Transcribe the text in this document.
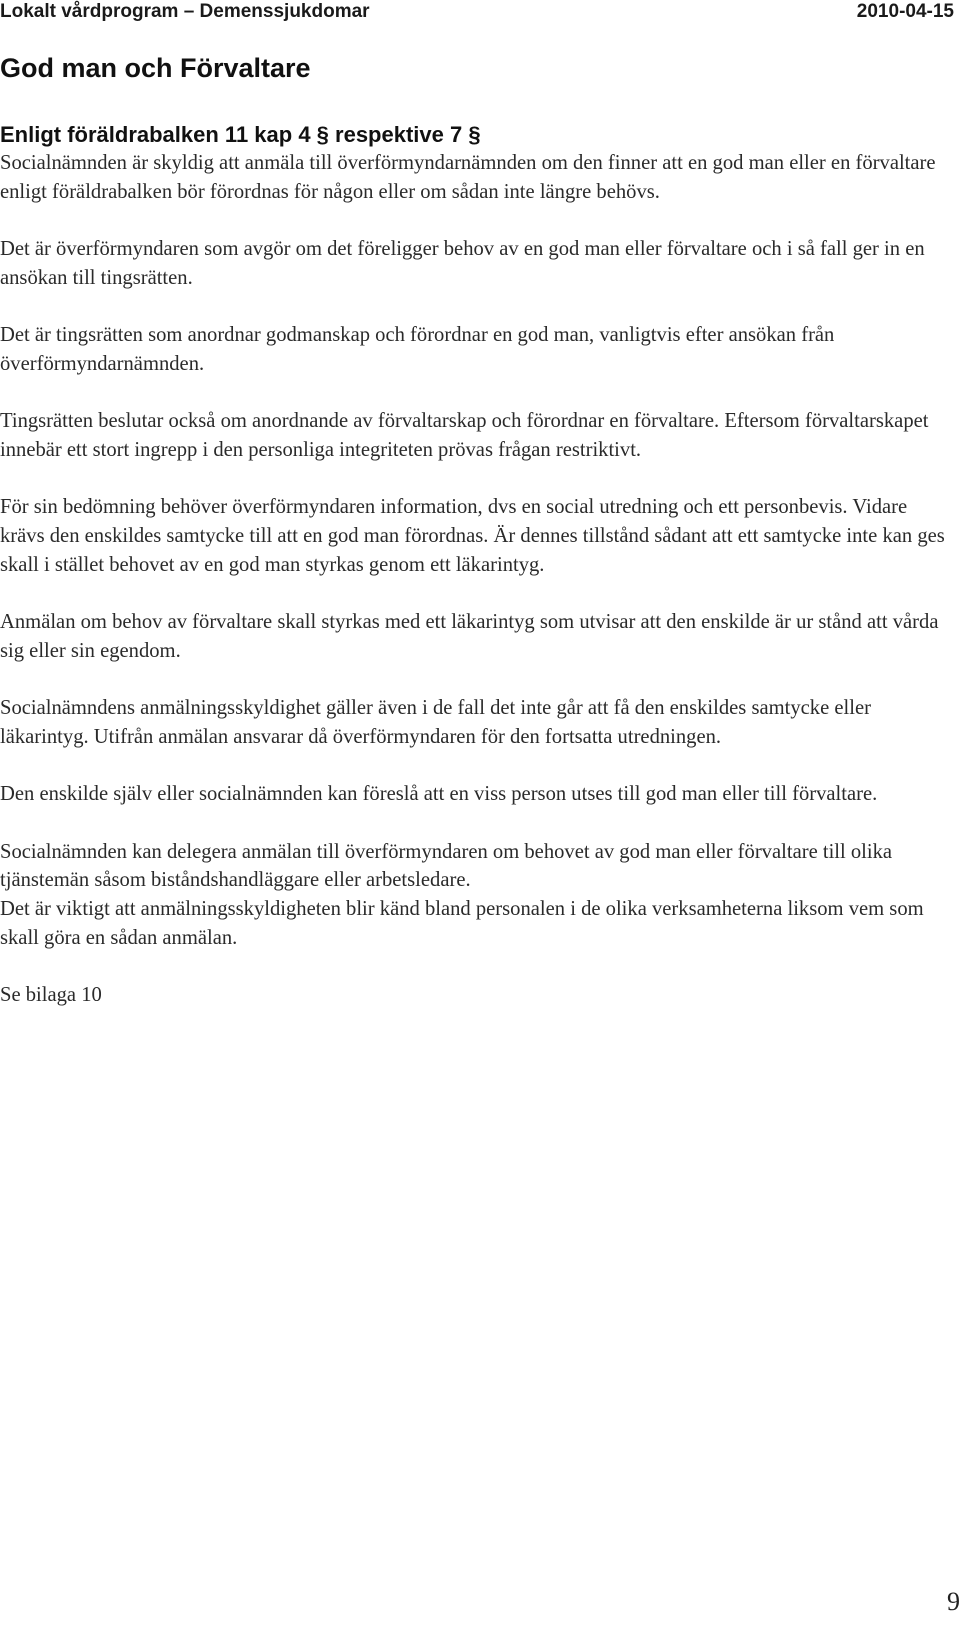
Lokalt vårdprogram – Demenssjukdomar	2010-04-15
God man och Förvaltare
Enligt föräldrabalken 11 kap 4 § respektive 7 §

Socialnämnden är skyldig att anmäla till överförmyndarnämnden om den finner att en god man eller en förvaltare enligt föräldrabalken bör förordnas för någon eller om sådan inte längre behövs.

Det är överförmyndaren som avgör om det föreligger behov av en god man eller förvaltare och i så fall ger in en ansökan till tingsrätten.

Det är tingsrätten som anordnar godmanskap och förordnar en god man, vanligtvis efter ansökan från överförmyndarnämnden.

Tingsrätten beslutar också om anordnande av förvaltarskap och förordnar en förvaltare. Eftersom förvaltarskapet innebär ett stort ingrepp i den personliga integriteten prövas frågan restriktivt.

För sin bedömning behöver överförmyndaren information, dvs en social utredning och ett personbevis. Vidare krävs den enskildes samtycke till att en god man förordnas. Är dennes tillstånd sådant att ett samtycke inte kan ges skall i stället behovet av en god man styrkas genom ett läkarintyg.

Anmälan om behov av förvaltare skall styrkas med ett läkarintyg som utvisar att den enskilde är ur stånd att vårda sig eller sin egendom.

Socialnämndens anmälningsskyldighet gäller även i de fall det inte går att få den enskildes samtycke eller läkarintyg. Utifrån anmälan ansvarar då överförmyndaren för den fortsatta utredningen.

Den enskilde själv eller socialnämnden kan föreslå att en viss person utses till god man eller till förvaltare.

Socialnämnden kan delegera anmälan till överförmyndaren om behovet av god man eller förvaltare till olika tjänstemän såsom biståndshandläggare eller arbetsledare.

Det är viktigt att anmälningsskyldigheten blir känd bland personalen i de olika verksamheterna liksom vem som skall göra en sådan anmälan.

Se bilaga 10

9
